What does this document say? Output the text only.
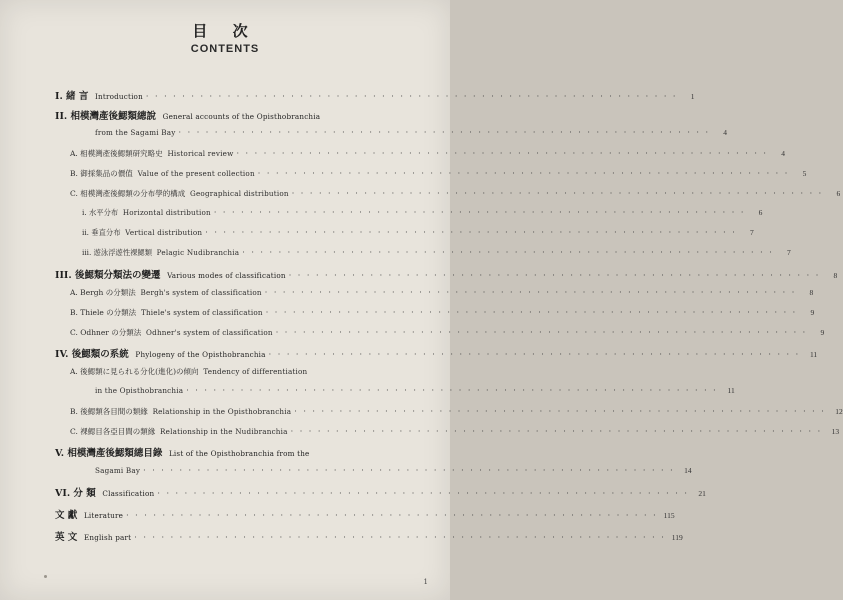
目 次
CONTENTS
I. 緒 言 Introduction · · ·	1
II. 相模灣產後鰓類總說 General accounts of the Opisthobranchia
from the Sagami Bay · · ·	4
A. 相模灣產後鰓類研究略史 Historical review · · ·	4
B. 御採集品の價值 Value of the present collection · · ·	5
C. 相模灣產後鰓類の分布學的構成 Geographical distribution · · ·	6
i. 水平分布 Horizontal distribution · · ·	6
ii. 垂直分布 Vertical distribution · · ·	7
iii. 遊泳浮遊性裸鰓類 Pelagic Nudibranchia · · ·	7
III. 後鰓類分類法の變遷 Various modes of classification · · ·	8
A. Bergh の分類法 Bergh's system of classification · · ·	8
B. Thiele の分類法 Thiele's system of classification · · ·	9
C. Odhner の分類法 Odhner's system of classification · · ·	9
IV. 後鰓類の系統 Phylogeny of the Opisthobranchia · · ·	11
A. 後鰓類に見られる分化(進化)の傾向 Tendency of differentiation
in the Opisthobranchia · · ·	11
B. 後鰓類各目間の類緣 Relationship in the Opisthobranchia · · ·	12
C. 裸鰓目各亞目間の類緣 Relationship in the Nudibranchia · · ·	13
V. 相模灣產後鰓類總目錄 List of the Opisthobranchia from the
Sagami Bay · · ·	14
VI. 分 類 Classification · · ·	21
文 獻 Literature · · ·	115
英 文 English part · · ·	119
1
